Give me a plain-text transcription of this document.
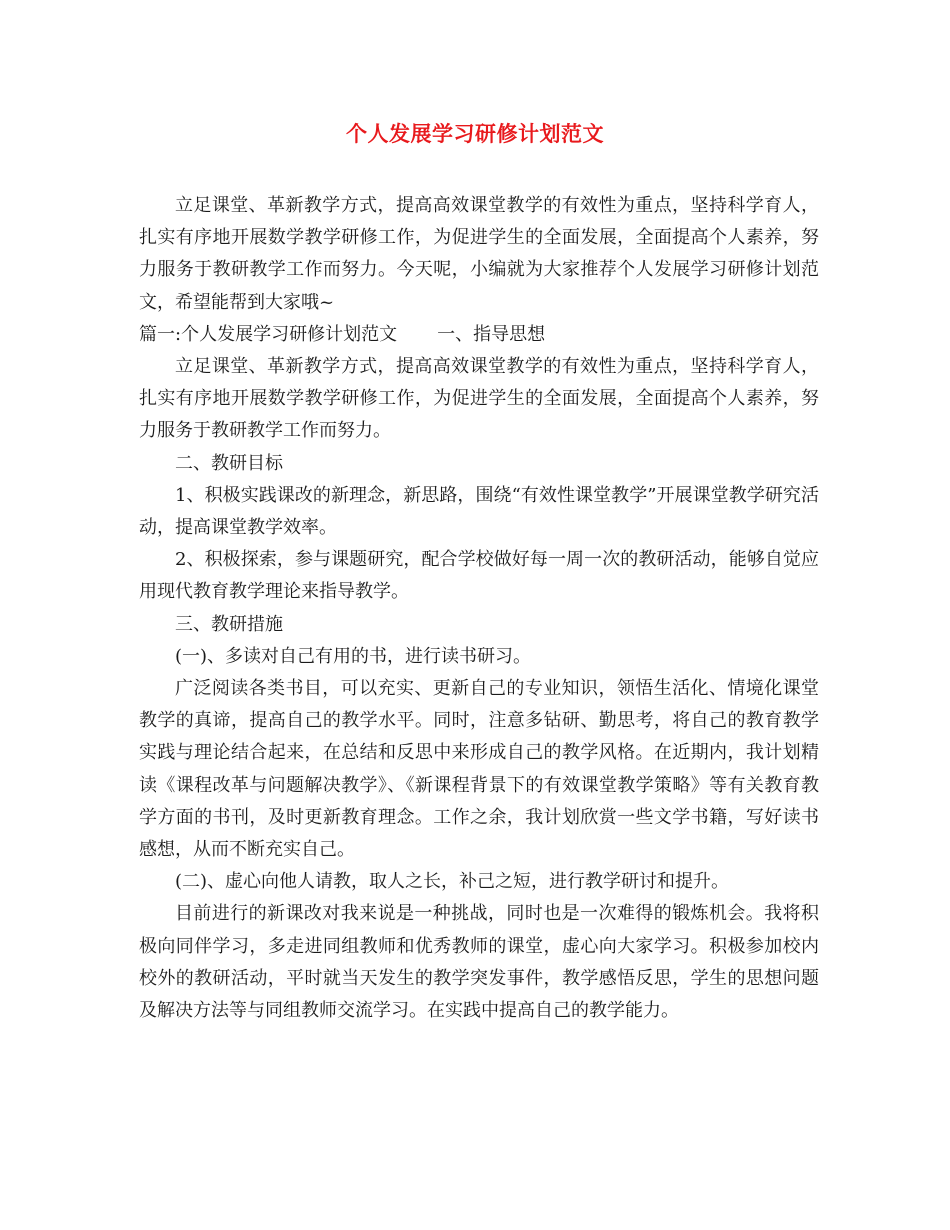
个人发展学习研修计划范文

立足课堂、革新教学方式，提高高效课堂教学的有效性为重点，坚持科学育人，扎实有序地开展数学教学研修工作，为促进学生的全面发展，全面提高个人素养，努力服务于教研教学工作而努力。今天呢，小编就为大家推荐个人发展学习研修计划范文，希望能帮到大家哦~

篇一:个人发展学习研修计划范文 一、指导思想

立足课堂、革新教学方式，提高高效课堂教学的有效性为重点，坚持科学育人，扎实有序地开展数学教学研修工作，为促进学生的全面发展，全面提高个人素养，努力服务于教研教学工作而努力。

二、教研目标

1、积极实践课改的新理念，新思路，围绕“有效性课堂教学”开展课堂教学研究活动，提高课堂教学效率。

2、积极探索，参与课题研究，配合学校做好每一周一次的教研活动，能够自觉应用现代教育教学理论来指导教学。

三、教研措施

(一)、多读对自己有用的书，进行读书研习。

广泛阅读各类书目，可以充实、更新自己的专业知识，领悟生活化、情境化课堂教学的真谛，提高自己的教学水平。同时，注意多钻研、勤思考，将自己的教育教学实践与理论结合起来，在总结和反思中来形成自己的教学风格。在近期内，我计划精读《课程改革与问题解决教学》、《新课程背景下的有效课堂教学策略》等有关教育教学方面的书刊，及时更新教育理念。工作之余，我计划欣赏一些文学书籍，写好读书感想，从而不断充实自己。

(二)、虚心向他人请教，取人之长，补己之短，进行教学研讨和提升。

目前进行的新课改对我来说是一种挑战，同时也是一次难得的锻炼机会。我将积极向同伴学习，多走进同组教师和优秀教师的课堂，虚心向大家学习。积极参加校内校外的教研活动，平时就当天发生的教学突发事件，教学感悟反思，学生的思想问题及解决方法等与同组教师交流学习。在实践中提高自己的教学能力。
